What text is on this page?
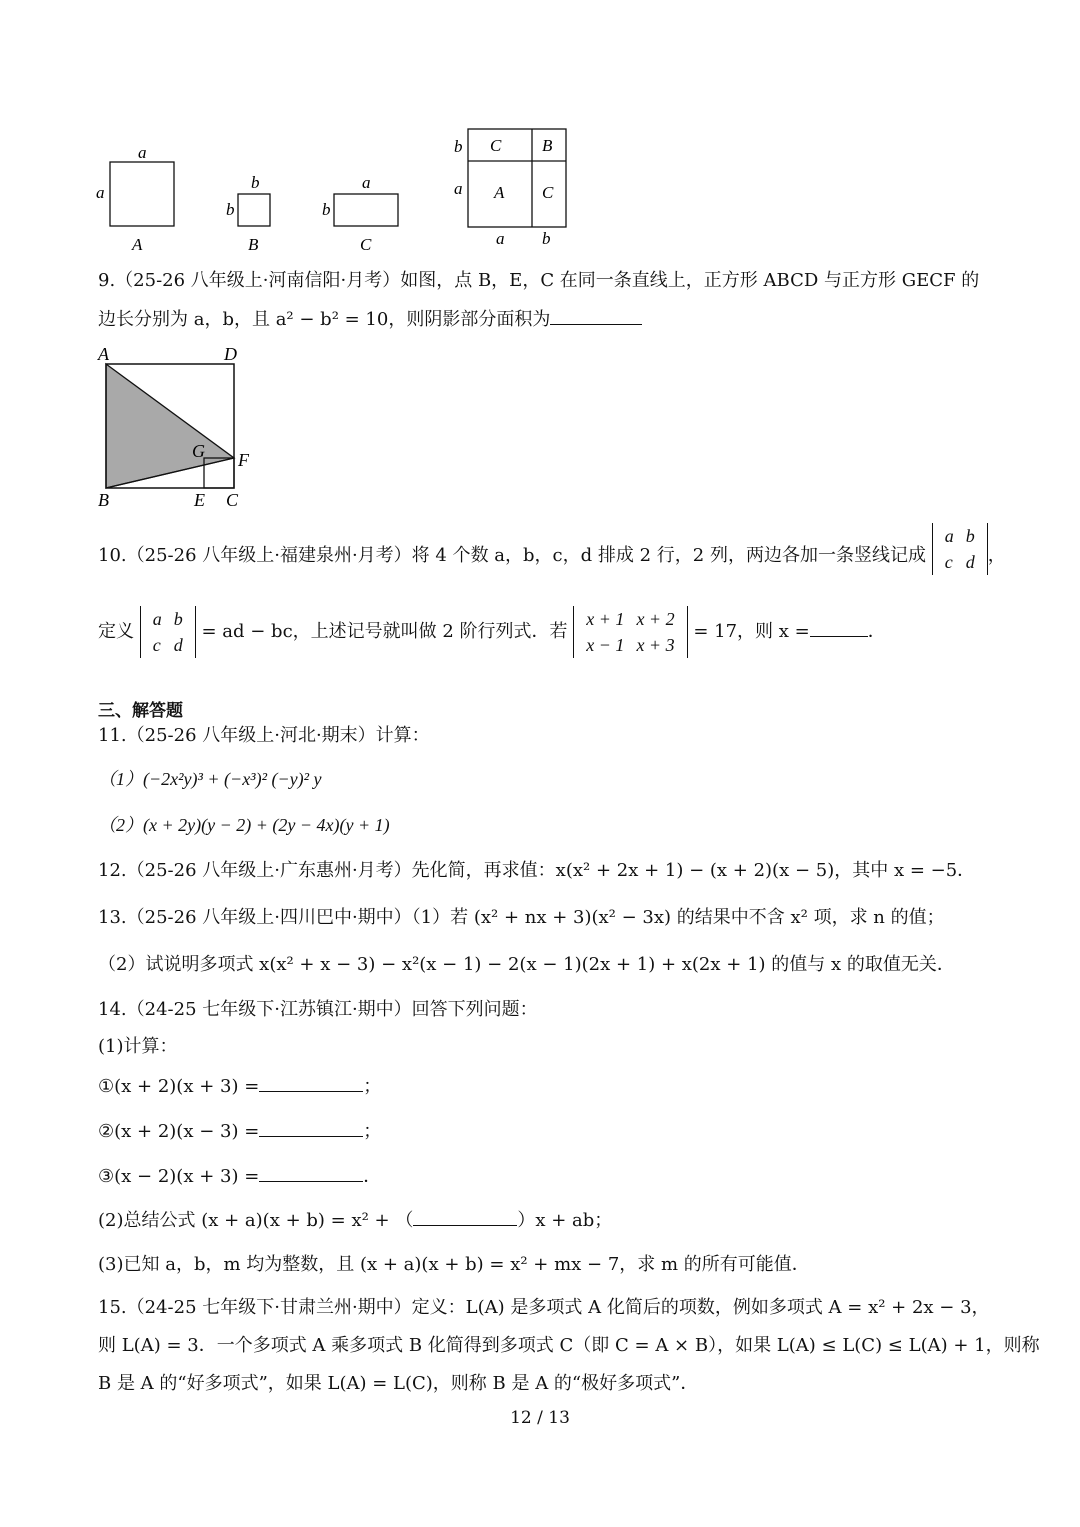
a
a
A
b
b
B
a
b
C
b
a
C B
A C
a b
9.（25-26 八年级上·河南信阳·月考）如图，点 B，E，C 在同一条直线上，正方形 ABCD 与正方形 GECF 的
边长分别为 a，b，且 a² − b² = 10，则阴影部分面积为
A	D
G F
B	E C
10.（25-26 八年级上·福建泉州·月考）将 4 个数 a，b，c，d 排成 2 行，2 列，两边各加一条竖线记成
a	b
c	d ，
定义
a	b
c	d
= ad − bc，上述记号就叫做 2 阶行列式．若
x + 1	x + 2
x − 1	x + 3
= 17，则 x =	．
三、解答题
11.（25-26 八年级上·河北·期末）计算：
（1）(−2x²y)³ + (−x³)² (−y)² y
（2）(x + 2y)(y − 2) + (2y − 4x)(y + 1)
12.（25-26 八年级上·广东惠州·月考）先化简，再求值：x(x² + 2x + 1) − (x + 2)(x − 5)，其中 x = −5．
13.（25-26 八年级上·四川巴中·期中）（1）若 (x² + nx + 3)(x² − 3x) 的结果中不含 x² 项，求 n 的值；
（2）试说明多项式 x(x² + x − 3) − x²(x − 1) − 2(x − 1)(2x + 1) + x(2x + 1) 的值与 x 的取值无关．
14.（24-25 七年级下·江苏镇江·期中）回答下列问题：
(1)计算：
①(x + 2)(x + 3) =	；
②(x + 2)(x − 3) =	；
③(x − 2)(x + 3) =	．
(2)总结公式 (x + a)(x + b) = x² + （	）x + ab；
(3)已知 a，b，m 均为整数，且 (x + a)(x + b) = x² + mx − 7，求 m 的所有可能值．
15.（24-25 七年级下·甘肃兰州·期中）定义：L(A) 是多项式 A 化简后的项数，例如多项式 A = x² + 2x − 3，
则 L(A) = 3．一个多项式 A 乘多项式 B 化简得到多项式 C（即 C = A × B），如果 L(A) ≤ L(C) ≤ L(A) + 1，则称
B 是 A 的“好多项式”，如果 L(A) = L(C)，则称 B 是 A 的“极好多项式”．
12 / 13
